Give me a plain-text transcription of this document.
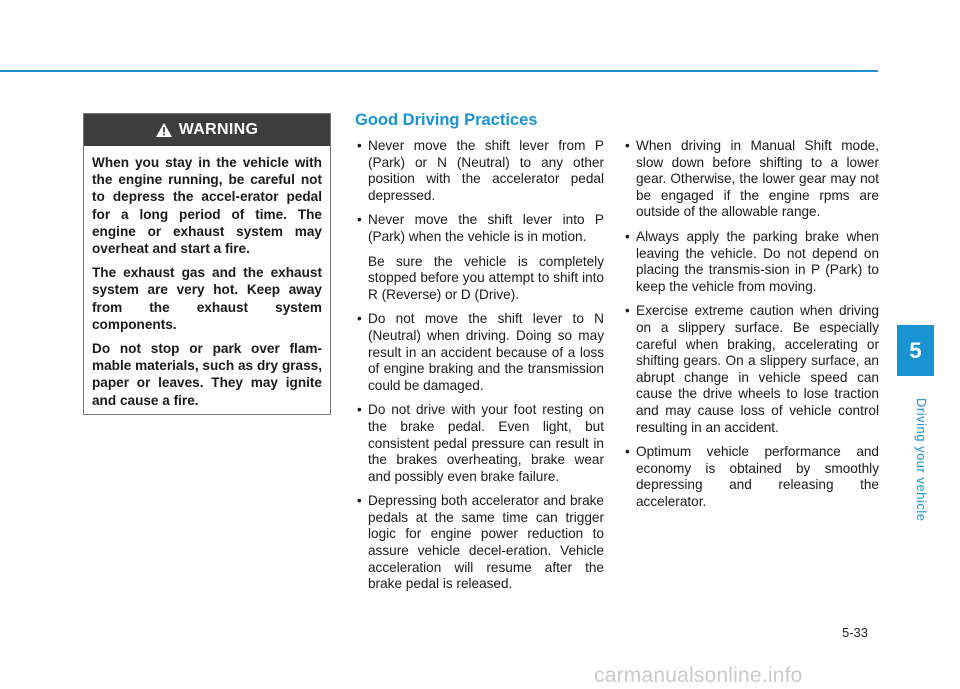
WARNING

When you stay in the vehicle with the engine running, be careful not to depress the accel-erator pedal for a long period of time. The engine or exhaust system may overheat and start a fire.

The exhaust gas and the exhaust system are very hot. Keep away from the exhaust system components.

Do not stop or park over flam-mable materials, such as dry grass, paper or leaves. They may ignite and cause a fire.

Good Driving Practices
• Never move the shift lever from P (Park) or N (Neutral) to any other position with the accelerator pedal depressed.

• Never move the shift lever into P (Park) when the vehicle is in motion.

Be sure the vehicle is completely stopped before you attempt to shift into R (Reverse) or D (Drive).

• Do not move the shift lever to N (Neutral) when driving. Doing so may result in an accident because of a loss of engine braking and the transmission could be damaged.

• Do not drive with your foot resting on the brake pedal. Even light, but consistent pedal pressure can result in the brakes overheating, brake wear and possibly even brake failure.

• Depressing both accelerator and brake pedals at the same time can trigger logic for engine power reduction to assure vehicle decel-eration. Vehicle acceleration will resume after the brake pedal is released.

• When driving in Manual Shift mode, slow down before shifting to a lower gear. Otherwise, the lower gear may not be engaged if the engine rpms are outside of the allowable range.

• Always apply the parking brake when leaving the vehicle. Do not depend on placing the transmis-sion in P (Park) to keep the vehicle from moving.

• Exercise extreme caution when driving on a slippery surface. Be especially careful when braking, accelerating or shifting gears. On a slippery surface, an abrupt change in vehicle speed can cause the drive wheels to lose traction and may cause loss of vehicle control resulting in an accident.

• Optimum vehicle performance and economy is obtained by smoothly depressing and releasing the accelerator.

5
Driving your vehicle
5-33
carmanualsonline.info
